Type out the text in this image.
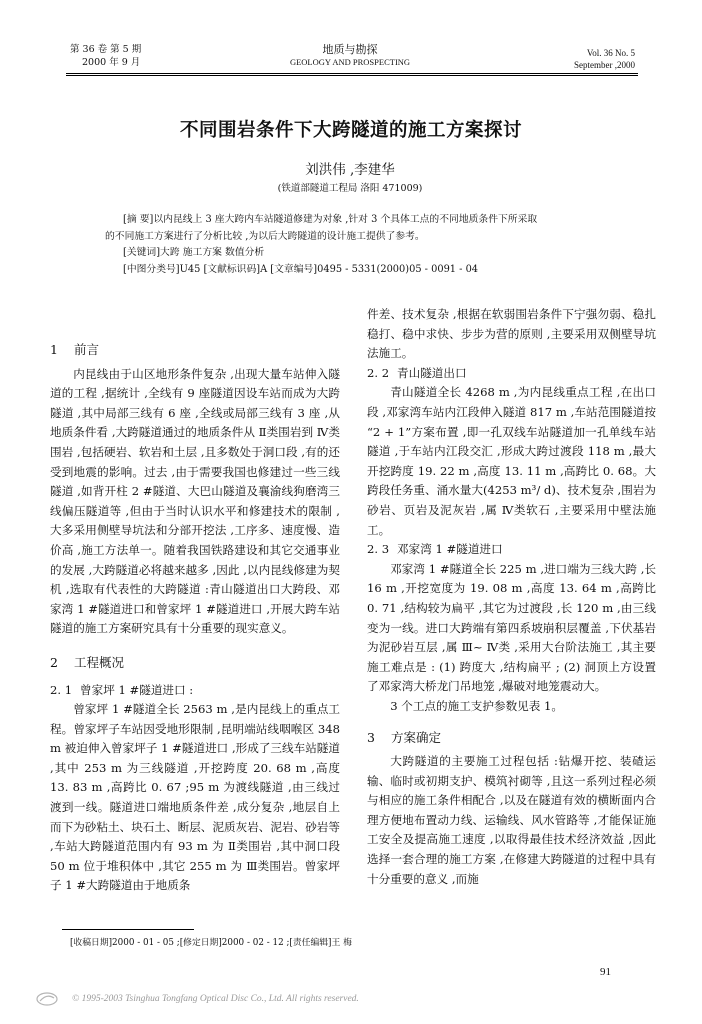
第 36 卷 第 5 期
2000 年 9 月
地质与勘探
GEOLOGY AND PROSPECTING
Vol. 36 No. 5
September ,2000
不同围岩条件下大跨隧道的施工方案探讨
刘洪伟 ,李建华
(铁道部隧道工程局 洛阳 471009)
[摘 要]以内昆线上 3 座大跨内车站隧道修建为对象 ,针对 3 个具体工点的不同地质条件下所采取
的不同施工方案进行了分析比较 ,为以后大跨隧道的设计施工提供了参考。
[关键词]大跨 施工方案 数值分析
[中图分类号]U45 [文献标识码]A [文章编号]0495 - 5331(2000)05 - 0091 - 04

1 前言

内昆线由于山区地形条件复杂 ,出现大量车站伸入隧道的工程 ,据统计 ,全线有 9 座隧道因设车站而成为大跨隧道 ,其中局部三线有 6 座 ,全线或局部三线有 3 座 ,从地质条件看 ,大跨隧道通过的地质条件从 Ⅱ类围岩到 Ⅳ类围岩 ,包括硬岩、软岩和土层 ,且多数处于洞口段 ,有的还受到地震的影响。过去 ,由于需要我国也修建过一些三线隧道 ,如背开柱 2 #隧道、大巴山隧道及襄渝线狗磨湾三线偏压隧道等 ,但由于当时认识水平和修建技术的限制 ,大多采用侧壁导坑法和分部开挖法 ,工序多、速度慢、造价高 ,施工方法单一。随着我国铁路建设和其它交通事业的发展 ,大跨隧道必将越来越多 ,因此 ,以内昆线修建为契机 ,选取有代表性的大跨隧道 :青山隧道出口大跨段、邓家湾 1 #隧道进口和曾家坪 1 #隧道进口 ,开展大跨车站隧道的施工方案研究具有十分重要的现实意义。

2 工程概况

2. 1 曾家坪 1 #隧道进口 :

曾家坪 1 #隧道全长 2563 m ,是内昆线上的重点工程。曾家坪子车站因受地形限制 ,昆明端站线咽喉区 348 m 被迫伸入曾家坪子 1 #隧道进口 ,形成了三线车站隧道 ,其中 253 m 为三线隧道 ,开挖跨度 20. 68 m ,高度 13. 83 m ,高跨比 0. 67 ;95 m 为渡线隧道 ,由三线过渡到一线。隧道进口端地质条件差 ,成分复杂 ,地层自上而下为砂粘土、块石土、断层、泥质灰岩、泥岩、砂岩等 ,车站大跨隧道范围内有 93 m 为 Ⅱ类围岩 ,其中洞口段 50 m 位于堆积体中 ,其它 255 m 为 Ⅲ类围岩。曾家坪子 1 #大跨隧道由于地质条

件差、技术复杂 ,根据在软弱围岩条件下宁强勿弱、稳扎稳打、稳中求快、步步为营的原则 ,主要采用双侧壁导坑法施工。

2. 2 青山隧道出口

青山隧道全长 4268 m ,为内昆线重点工程 ,在出口段 ,邓家湾车站内江段伸入隧道 817 m ,车站范围隧道按 “2 + 1”方案布置 ,即一孔双线车站隧道加一孔单线车站隧道 ,于车站内江段交汇 ,形成大跨过渡段 118 m ,最大开挖跨度 19. 22 m ,高度 13. 11 m ,高跨比 0. 68。大跨段任务重、涌水量大(4253 m³/ d)、技术复杂 ,围岩为砂岩、页岩及泥灰岩 ,属 Ⅳ类软石 ,主要采用中壁法施工。

2. 3 邓家湾 1 #隧道进口

邓家湾 1 #隧道全长 225 m ,进口端为三线大跨 ,长 16 m ,开挖宽度为 19. 08 m ,高度 13. 64 m ,高跨比 0. 71 ,结构较为扁平 ,其它为过渡段 ,长 120 m ,由三线变为一线。进口大跨端有第四系坡崩积层覆盖 ,下伏基岩为泥砂岩互层 ,属 Ⅲ~ Ⅳ类 ,采用大台阶法施工 ,其主要施工难点是 : (1) 跨度大 ,结构扁平 ; (2) 洞顶上方设置了邓家湾大桥龙门吊地笼 ,爆破对地笼震动大。

3 个工点的施工支护参数见表 1。

3 方案确定

大跨隧道的主要施工过程包括 :钻爆开挖、装碴运输、临时或初期支护、模筑衬砌等 ,且这一系列过程必须与相应的施工条件相配合 ,以及在隧道有效的横断面内合理方便地布置动力线、运输线、风水管路等 ,才能保证施工安全及提高施工速度 ,以取得最佳技术经济效益 ,因此选择一套合理的施工方案 ,在修建大跨隧道的过程中具有十分重要的意义 ,而施

[收稿日期]2000 - 01 - 05 ;[修定日期]2000 - 02 - 12 ;[责任编辑]王 梅
91
© 1995-2003 Tsinghua Tongfang Optical Disc Co., Ltd. All rights reserved.
